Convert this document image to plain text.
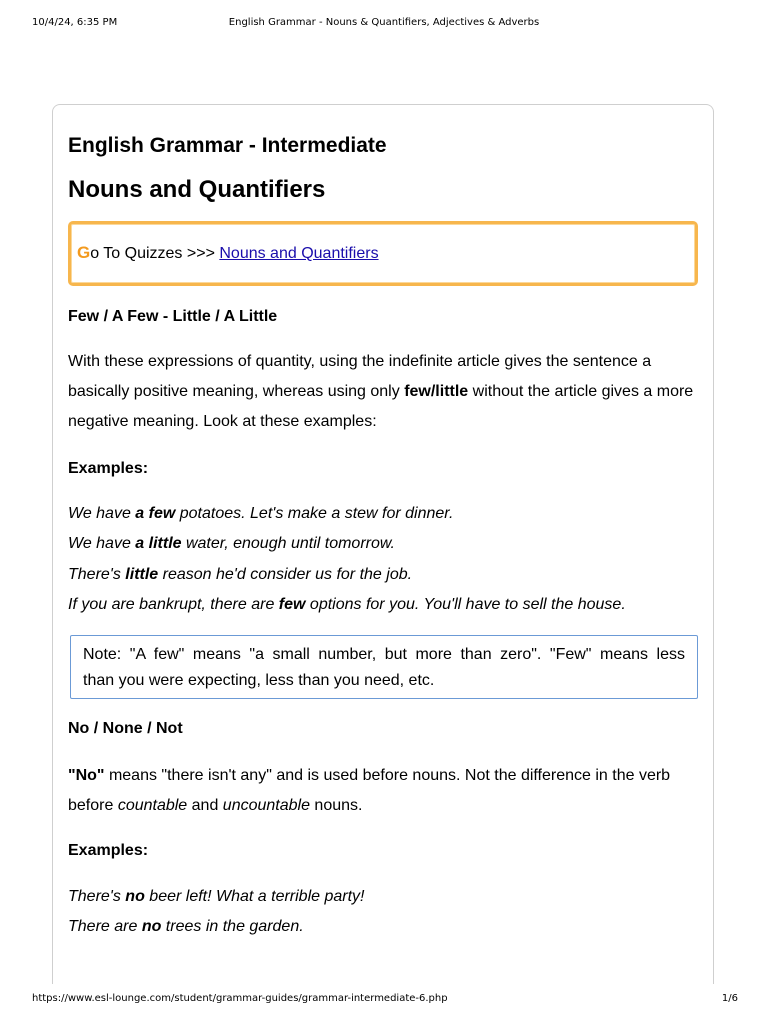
10/4/24, 6:35 PM	English Grammar - Nouns & Quantifiers, Adjectives & Adverbs
English Grammar - Intermediate
Nouns and Quantifiers
Go To Quizzes >>> Nouns and Quantifiers
Few / A Few - Little / A Little
With these expressions of quantity, using the indefinite article gives the sentence a basically positive meaning, whereas using only few/little without the article gives a more negative meaning. Look at these examples:
Examples:
We have a few potatoes. Let's make a stew for dinner.
We have a little water, enough until tomorrow.
There's little reason he'd consider us for the job.
If you are bankrupt, there are few options for you. You'll have to sell the house.
Note: "A few" means "a small number, but more than zero". "Few" means less
than you were expecting, less than you need, etc.
No / None / Not
"No" means "there isn't any" and is used before nouns. Not the difference in the verb before countable and uncountable nouns.
Examples:
There's no beer left! What a terrible party!
There are no trees in the garden.
https://www.esl-lounge.com/student/grammar-guides/grammar-intermediate-6.php	1/6
